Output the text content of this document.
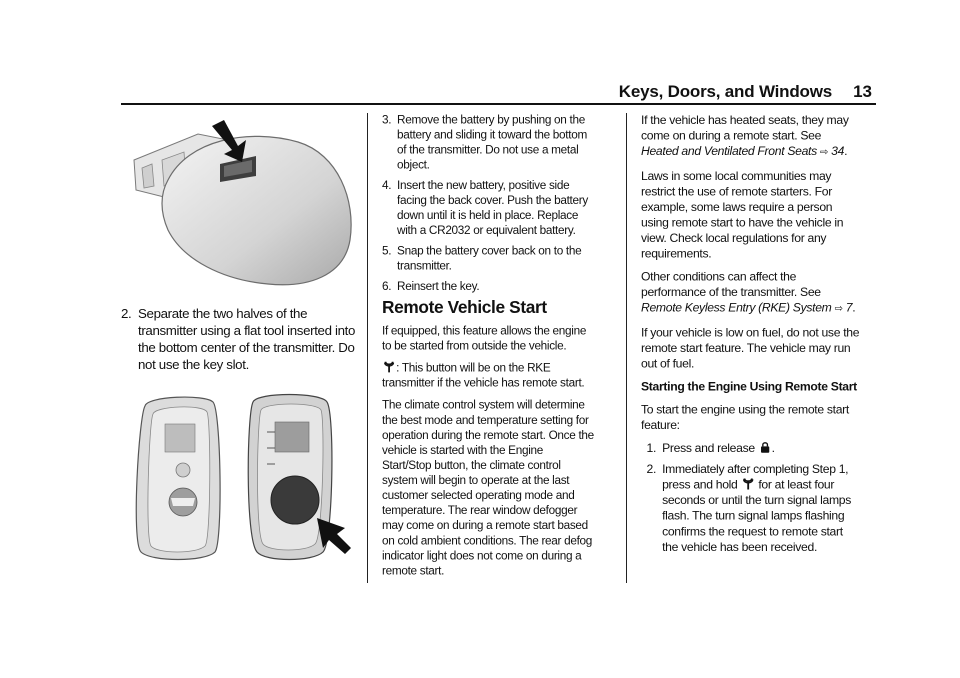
Keys, Doors, and Windows 13
2. Separate the two halves of the transmitter using a flat tool inserted into the bottom center of the transmitter. Do not use the key slot.
3. Remove the battery by pushing on the battery and sliding it toward the bottom of the transmitter. Do not use a metal object.
4. Insert the new battery, positive side facing the back cover. Push the battery down until it is held in place. Replace with a CR2032 or equivalent battery.
5. Snap the battery cover back on to the transmitter.
6. Reinsert the key.
Remote Vehicle Start

If equipped, this feature allows the engine to be started from outside the vehicle.

: This button will be on the RKE transmitter if the vehicle has remote start.

The climate control system will determine the best mode and temperature setting for operation during the remote start. Once the vehicle is started with the Engine Start/Stop button, the climate control system will begin to operate at the last customer selected operating mode and temperature. The rear window defogger may come on during a remote start based on cold ambient conditions. The rear defog indicator light does not come on during a remote start.

If the vehicle has heated seats, they may come on during a remote start. See Heated and Ventilated Front Seats ⇨ 34.

Laws in some local communities may restrict the use of remote starters. For example, some laws require a person using remote start to have the vehicle in view. Check local regulations for any requirements.

Other conditions can affect the performance of the transmitter. See Remote Keyless Entry (RKE) System ⇨ 7.

If your vehicle is low on fuel, do not use the remote start feature. The vehicle may run out of fuel.

Starting the Engine Using Remote Start

To start the engine using the remote start feature:

1. Press and release .
2. Immediately after completing Step 1,
press and hold for at least four seconds or until the turn signal lamps flash. The turn signal lamps flashing confirms the request to remote start the vehicle has been received.
